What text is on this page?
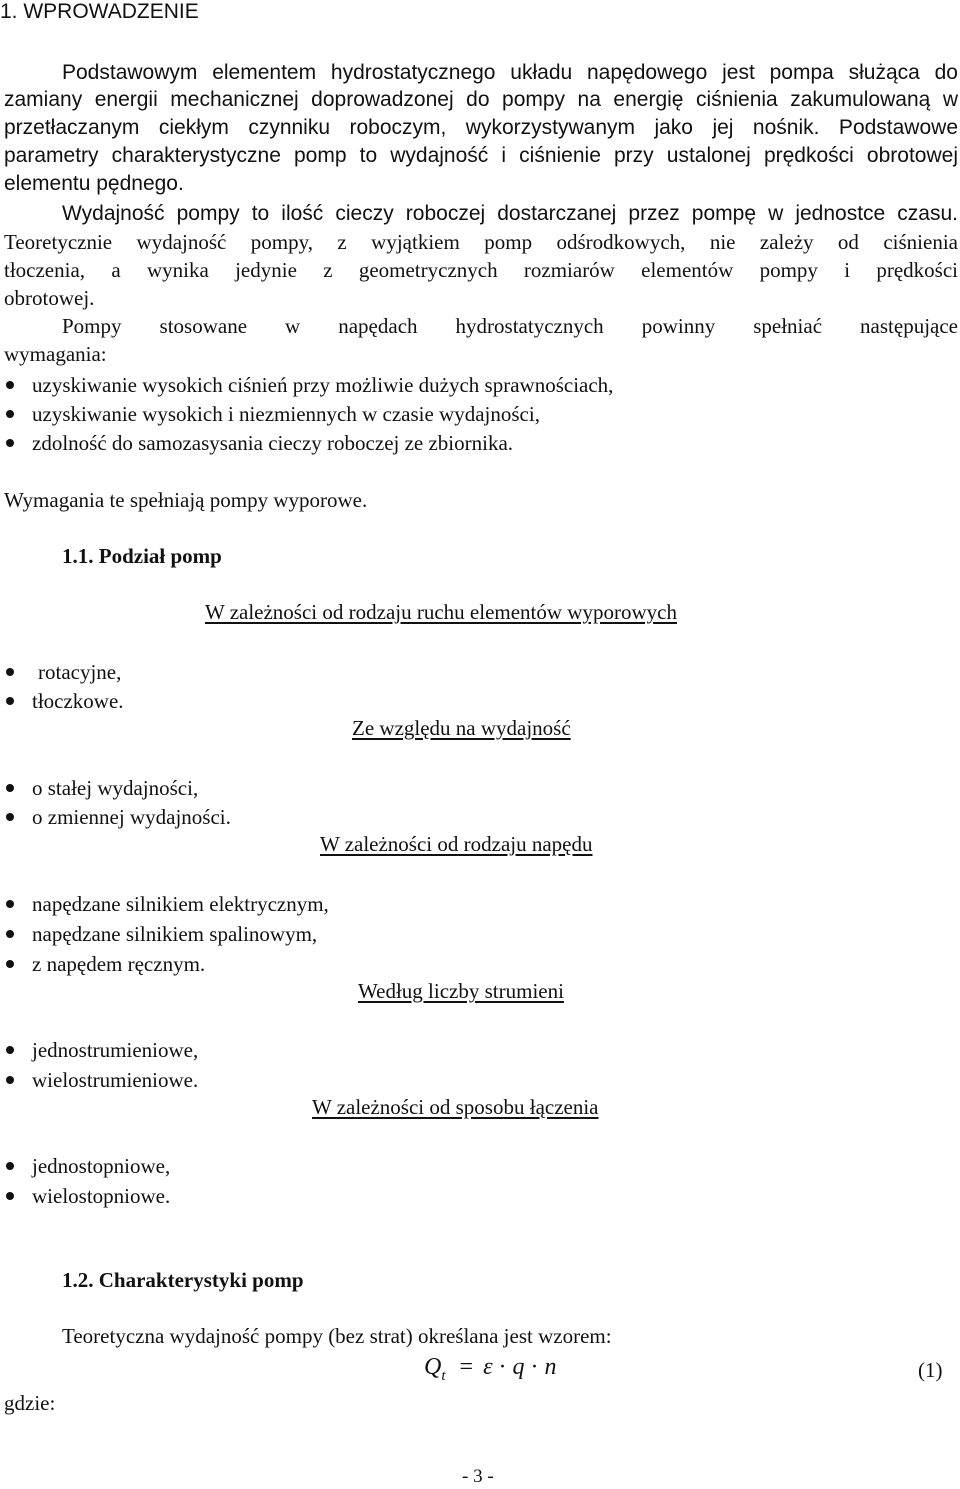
1. WPROWADZENIE
Podstawowym elementem hydrostatycznego układu napędowego jest pompa służąca do
zamiany energii mechanicznej doprowadzonej do pompy na energię ciśnienia zakumulowaną w
przetłaczanym ciekłym czynniku roboczym, wykorzystywanym jako jej nośnik. Podstawowe
parametry charakterystyczne pomp to wydajność i ciśnienie przy ustalonej prędkości obrotowej
elementu pędnego.
Wydajność pompy to ilość cieczy roboczej dostarczanej przez pompę w jednostce czasu.
Teoretycznie wydajność pompy, z wyjątkiem pomp odśrodkowych, nie zależy od ciśnienia
tłoczenia, a wynika jedynie z geometrycznych rozmiarów elementów pompy i prędkości
obrotowej.
Pompy stosowane w napędach hydrostatycznych powinny spełniać następujące
wymagania:
uzyskiwanie wysokich ciśnień przy możliwie dużych sprawnościach,
uzyskiwanie wysokich i niezmiennych w czasie wydajności,
zdolność do samozasysania cieczy roboczej ze zbiornika.
Wymagania te spełniają pompy wyporowe.
1.1. Podział pomp
W zależności od rodzaju ruchu elementów wyporowych
rotacyjne,
tłoczkowe.
Ze względu na wydajność
o stałej wydajności,
o zmiennej wydajności.
W zależności od rodzaju napędu
napędzane silnikiem elektrycznym,
napędzane silnikiem spalinowym,
z napędem ręcznym.
Według liczby strumieni
jednostrumieniowe,
wielostrumieniowe.
W zależności od sposobu łączenia
jednostopniowe,
wielostopniowe.
1.2. Charakterystyki pomp
Teoretyczna wydajność pompy (bez strat) określana jest wzorem:
$Q_t = \varepsilon \cdot q \cdot n$	(1)
gdzie:
- 3 -
